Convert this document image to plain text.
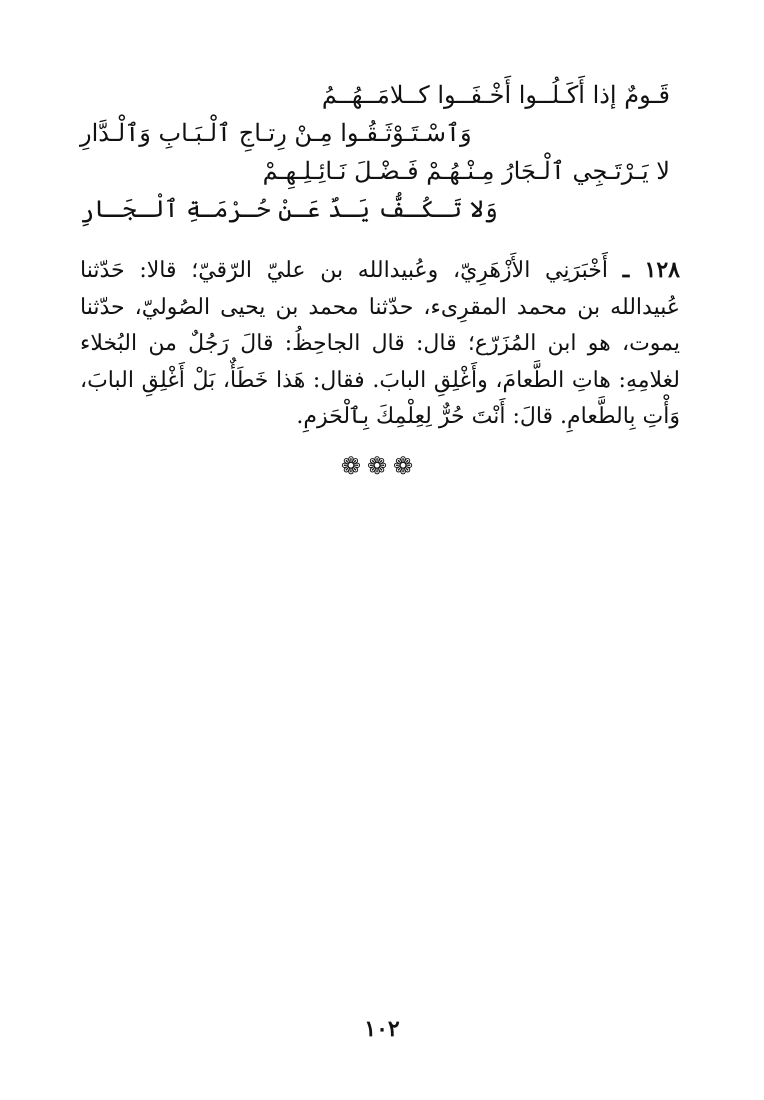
قَـومٌ إذا أَكَـلُــوا أَخْـفَــوا كــلامَــهُــمُ
وَٱسْـتَـوْثَـقُـوا مِـنْ رِتـاجِ ٱلْـبَـابِ وَٱلْـدَّارِ
لا يَـرْتَـجِي ٱلْـجَارُ مِـنْـهُـمْ فَـضْـلَ نَـائِـلِـهِـمْ
وَلا تَـكُـفُّ يَـدٌ عَـنْ حُـرْمَـةِ ٱلْـجَـارِ
١٢٨ ـ أَخْبَرَنِي الأَزْهَرِيّ، وعُبيدالله بن عليّ الرّقيّ؛ قالا: حَدّثنا عُبيدالله بن محمد المقرِىء، حدّثنا محمد بن يحيى الصُوليّ، حدّثنا يموت، هو ابن المُزَرّع؛ قال: قال الجاحِظُ: قالَ رَجُلٌ من البُخلاء لغلامِهِ: هاتِ الطَّعامَ، وأَغْلِقِ البابَ. فقال: هَذا خَطَأٌ، بَلْ أَغْلِقِ البابَ، وَأْتِ بِالطَّعامِ. قالَ: أَنْتَ حُرٌّ لِعِلْمِكَ بِٱلْحَزمِ.
❁❁❁
١٠٢
